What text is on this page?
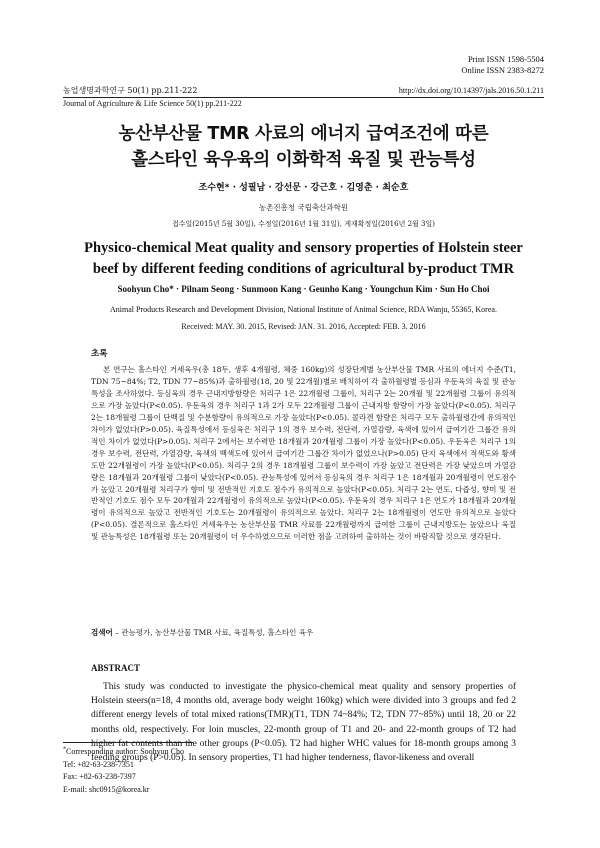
Print ISSN 1598-5504
Online ISSN 2383-8272
농업생명과학연구 50(1) pp.211-222	http://dx.doi.org/10.14397/jals.2016.50.1.211
Journal of Agriculture & Life Science 50(1) pp.211-222
농산부산물 TMR 사료의 에너지 급여조건에 따른
홀스타인 육우육의 이화학적 육질 및 관능특성
조수현* · 성필남 · 강선문 · 강근호 · 김영춘 · 최순호
농촌진흥청 국립축산과학원
접수일(2015년 5월 30일), 수정일(2016년 1월 31일), 게재확정일(2016년 2월 3일)
Physico-chemical Meat quality and sensory properties of Holstein steer
beef by different feeding conditions of agricultural by-product TMR
Soohyun Cho* · Pilnam Seong · Sunmoon Kang · Geunho Kang · Youngchun Kim · Sun Ho Choi
Animal Products Research and Development Division, National Institute of Animal Science, RDA Wanju, 55365, Korea.
Received: MAY. 30. 2015, Revised: JAN. 31. 2016, Accepted: FEB. 3. 2016
초록

본 연구는 홀스타인 거세육우(총 18두, 생후 4개월령, 체중 160kg)의 성장단계별 농산부산물 TMR 사료의 에너지 수준(T1, TDN 75~84%; T2, TDN 77~85%)과 출하월령(18, 20 및 22개월)별로 배치하여 각 출하월령별 등심과 우둔육의 육질 및 관능특성을 조사하였다. 등심육의 경우 근내지방함량은 처리구 1은 22개월령 그룹이, 처리구 2는 20개월 및 22개월령 그룹이 유의적으로 가장 높았다(P<0.05). 우둔육의 경우 처리구 1과 2가 모두 22개월령 그룹이 근내지방 함량이 가장 높았다(P<0.05). 처리구 2는 18개월령 그룹이 단백질 및 수분함량이 유의적으로 가장 높았다(P<0.05). 콜라겐 함량은 처리구 모두 출하월령간에 유의적인 차이가 없었다(P>0.05). 육질특성에서 등심육은 처리구 1의 경우 보수력, 전단력, 가열감량, 육색에 있어서 급여기간 그룹간 유의적인 차이가 없었다(P>0.05). 처리구 2에서는 보수력만 18개월과 20개월령 그룹이 가장 높았다(P<0.05). 우둔육은 처리구 1의 경우 보수력, 전단력, 가열감량, 육색의 백색도에 있어서 급여기간 그룹간 차이가 없었으나(P>0.05) 단지 육색에서 적색도와 황색도만 22개월령이 가장 높았다(P<0.05). 처리구 2의 경우 18개월령 그룹이 보수력이 가장 높았고 전단력은 가장 낮았으며 가열감량은 18개월과 20개월령 그룹이 낮았다(P<0.05). 관능특성에 있어서 등심육의 경우 처리구 1은 18개월과 20개월령이 연도점수가 높았고 20개월령 처리구가 향미 및 전반적인 기호도 점수가 유의적으로 높았다(P<0.05). 처리구 2는 연도, 다즙성, 향미 및 전반적인 기호도 점수 모두 20개월과 22개월령이 유의적으로 높았다(P<0.05). 우둔육의 경우 처리구 1은 연도가 18개월과 20개월령이 유의적으로 높았고 전반적인 기호도는 20개월령이 유의적으로 높았다. 처리구 2는 18개월령이 연도만 유의적으로 높았다(P<0.05). 결론적으로 홀스타인 거세육우는 농산부산물 TMR 사료를 22개월령까지 급여한 그룹이 근내지방도는 높았으나 육질 및 관능특성은 18개월령 또는 20개월령이 더 우수하였으므로 이러한 점을 고려하여 출하하는 것이 바람직할 것으로 생각된다.

검색어 – 관능평가, 농산부산물 TMR 사료, 육질특성, 홀스타인 육우
ABSTRACT

This study was conducted to investigate the physico-chemical meat quality and sensory properties of Holstein steers(n=18, 4 months old, average body weight 160kg) which were divided into 3 groups and fed 2 different energy levels of total mixed rations(TMR)(T1, TDN 74~84%; T2, TDN 77~85%) until 18, 20 or 22 months old, respectively. For loin muscles, 22-month group of T1 and 20- and 22-month groups of T2 had higher fat contents than the other groups (P<0.05). T2 had higher WHC values for 18-month groups among 3 feeding groups (P>0.05). In sensory properties, T1 had higher tenderness, flavor-likeness and overall

*Corresponding author: Soohyun Cho
Tel: +82-63-238-7351
Fax: +82-63-238-7397
E-mail: shc0915@korea.kr
